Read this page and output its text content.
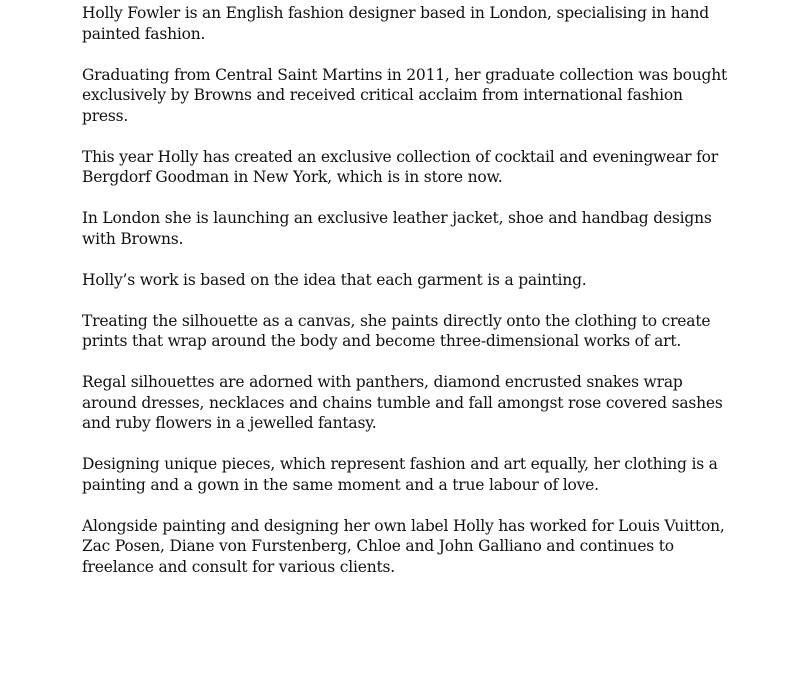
Holly Fowler is an English fashion designer based in London, specialising in hand painted fashion.

Graduating from Central Saint Martins in 2011, her graduate collection was bought exclusively by Browns and received critical acclaim from international fashion press.

This year Holly has created an exclusive collection of cocktail and eveningwear for Bergdorf Goodman in New York, which is in store now.

In London she is launching an exclusive leather jacket, shoe and handbag designs with Browns.

Holly’s work is based on the idea that each garment is a painting.

Treating the silhouette as a canvas, she paints directly onto the clothing to create prints that wrap around the body and become three-dimensional works of art.

Regal silhouettes are adorned with panthers, diamond encrusted snakes wrap around dresses, necklaces and chains tumble and fall amongst rose covered sashes and ruby flowers in a jewelled fantasy.

Designing unique pieces, which represent fashion and art equally, her clothing is a painting and a gown in the same moment and a true labour of love.

Alongside painting and designing her own label Holly has worked for Louis Vuitton, Zac Posen, Diane von Furstenberg, Chloe and John Galliano and continues to freelance and consult for various clients.
